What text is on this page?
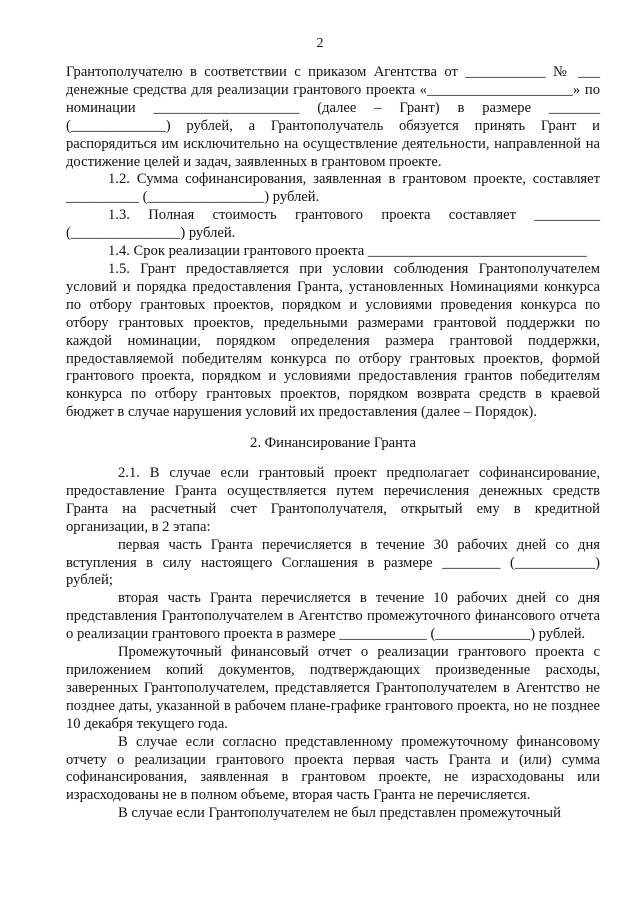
2

Грантополучателю в соответствии с приказом Агентства от ___________ № ___ денежные средства для реализации грантового проекта «____________________» по номинации ____________________ (далее – Грант) в размере _______ (_____________) рублей, а Грантополучатель обязуется принять Грант и распорядиться им исключительно на осуществление деятельности, направленной на достижение целей и задач, заявленных в грантовом проекте.

1.2. Сумма софинансирования, заявленная в грантовом проекте, составляет __________ (________________) рублей.

1.3. Полная стоимость грантового проекта составляет _________ (_______________) рублей.

1.4. Срок реализации грантового проекта ______________________________

1.5. Грант предоставляется при условии соблюдения Грантополучателем условий и порядка предоставления Гранта, установленных Номинациями конкурса по отбору грантовых проектов, порядком и условиями проведения конкурса по отбору грантовых проектов, предельными размерами грантовой поддержки по каждой номинации, порядком определения размера грантовой поддержки, предоставляемой победителям конкурса по отбору грантовых проектов, формой грантового проекта, порядком и условиями предоставления грантов победителям конкурса по отбору грантовых проектов, порядком возврата средств в краевой бюджет в случае нарушения условий их предоставления (далее – Порядок).

2. Финансирование Гранта

2.1. В случае если грантовый проект предполагает софинансирование, предоставление Гранта осуществляется путем перечисления денежных средств Гранта на расчетный счет Грантополучателя, открытый ему в кредитной организации, в 2 этапа:

первая часть Гранта перечисляется в течение 30 рабочих дней со дня вступления в силу настоящего Соглашения в размере ________ (___________) рублей;

вторая часть Гранта перечисляется в течение 10 рабочих дней со дня представления Грантополучателем в Агентство промежуточного финансового отчета о реализации грантового проекта в размере ____________ (_____________) рублей.

Промежуточный финансовый отчет о реализации грантового проекта с приложением копий документов, подтверждающих произведенные расходы, заверенных Грантополучателем, представляется Грантополучателем в Агентство не позднее даты, указанной в рабочем плане-графике грантового проекта, но не позднее 10 декабря текущего года.

В случае если согласно представленному промежуточному финансовому отчету о реализации грантового проекта первая часть Гранта и (или) сумма софинансирования, заявленная в грантовом проекте, не израсходованы или израсходованы не в полном объеме, вторая часть Гранта не перечисляется.

В случае если Грантополучателем не был представлен промежуточный
